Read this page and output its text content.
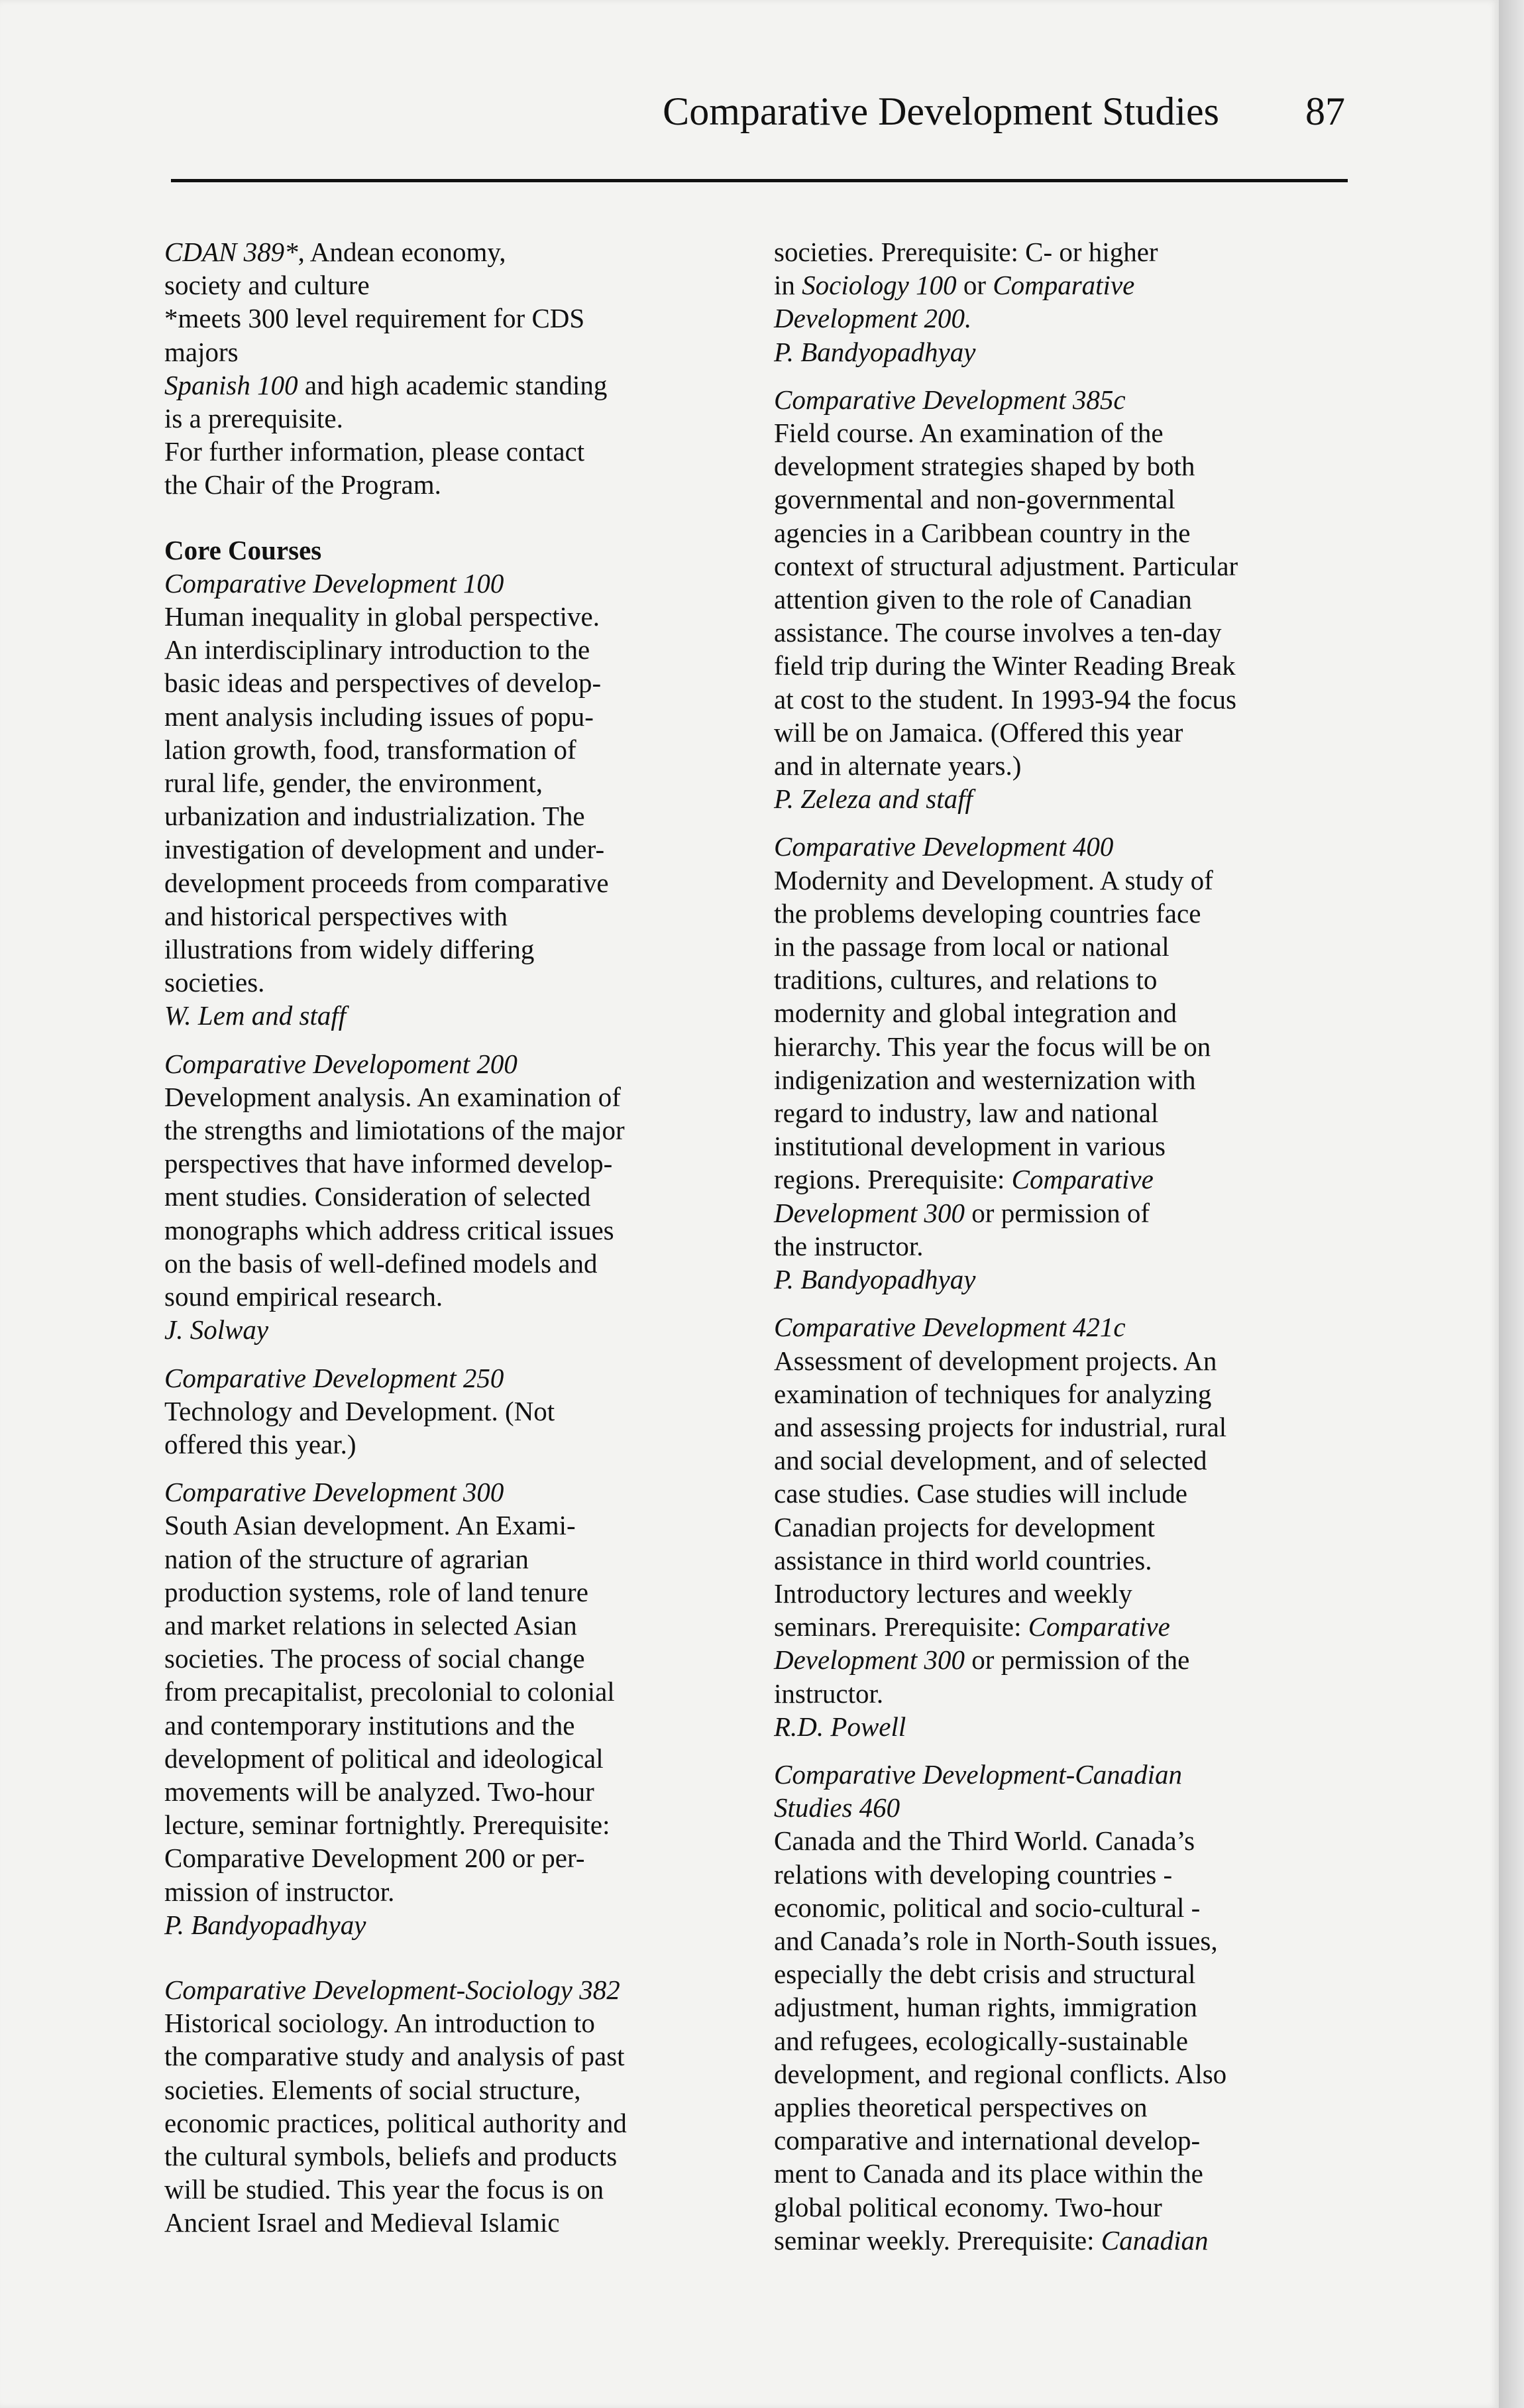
Comparative Development Studies 87
CDAN 389*, Andean economy,
society and culture
*meets 300 level requirement for CDS
majors
Spanish 100 and high academic standing
is a prerequisite.
For further information, please contact
the Chair of the Program.
Core Courses
Comparative Development 100
Human inequality in global perspective.
An interdisciplinary introduction to the
basic ideas and perspectives of develop-
ment analysis including issues of popu-
lation growth, food, transformation of
rural life, gender, the environment,
urbanization and industrialization. The
investigation of development and under-
development proceeds from comparative
and historical perspectives with
illustrations from widely differing
societies.
W. Lem and staff
Comparative Developoment 200
Development analysis. An examination of
the strengths and limiotations of the major
perspectives that have informed develop-
ment studies. Consideration of selected
monographs which address critical issues
on the basis of well-defined models and
sound empirical research.
J. Solway
Comparative Development 250
Technology and Development. (Not
offered this year.)
Comparative Development 300
South Asian development. An Exami-
nation of the structure of agrarian
production systems, role of land tenure
and market relations in selected Asian
societies. The process of social change
from precapitalist, precolonial to colonial
and contemporary institutions and the
development of political and ideological
movements will be analyzed. Two-hour
lecture, seminar fortnightly. Prerequisite:
Comparative Development 200 or per-
mission of instructor.
P. Bandyopadhyay
Comparative Development-Sociology 382
Historical sociology. An introduction to
the comparative study and analysis of past
societies. Elements of social structure,
economic practices, political authority and
the cultural symbols, beliefs and products
will be studied. This year the focus is on
Ancient Israel and Medieval Islamic
societies. Prerequisite: C- or higher
in Sociology 100 or Comparative
Development 200.
P. Bandyopadhyay
Comparative Development 385c
Field course. An examination of the
development strategies shaped by both
governmental and non-governmental
agencies in a Caribbean country in the
context of structural adjustment. Particular
attention given to the role of Canadian
assistance. The course involves a ten-day
field trip during the Winter Reading Break
at cost to the student. In 1993-94 the focus
will be on Jamaica. (Offered this year
and in alternate years.)
P. Zeleza and staff
Comparative Development 400
Modernity and Development. A study of
the problems developing countries face
in the passage from local or national
traditions, cultures, and relations to
modernity and global integration and
hierarchy. This year the focus will be on
indigenization and westernization with
regard to industry, law and national
institutional development in various
regions. Prerequisite: Comparative
Development 300 or permission of
the instructor.
P. Bandyopadhyay
Comparative Development 421c
Assessment of development projects. An
examination of techniques for analyzing
and assessing projects for industrial, rural
and social development, and of selected
case studies. Case studies will include
Canadian projects for development
assistance in third world countries.
Introductory lectures and weekly
seminars. Prerequisite: Comparative
Development 300 or permission of the
instructor.
R.D. Powell
Comparative Development-Canadian
Studies 460
Canada and the Third World. Canada’s
relations with developing countries -
economic, political and socio-cultural -
and Canada’s role in North-South issues,
especially the debt crisis and structural
adjustment, human rights, immigration
and refugees, ecologically-sustainable
development, and regional conflicts. Also
applies theoretical perspectives on
comparative and international develop-
ment to Canada and its place within the
global political economy. Two-hour
seminar weekly. Prerequisite: Canadian
